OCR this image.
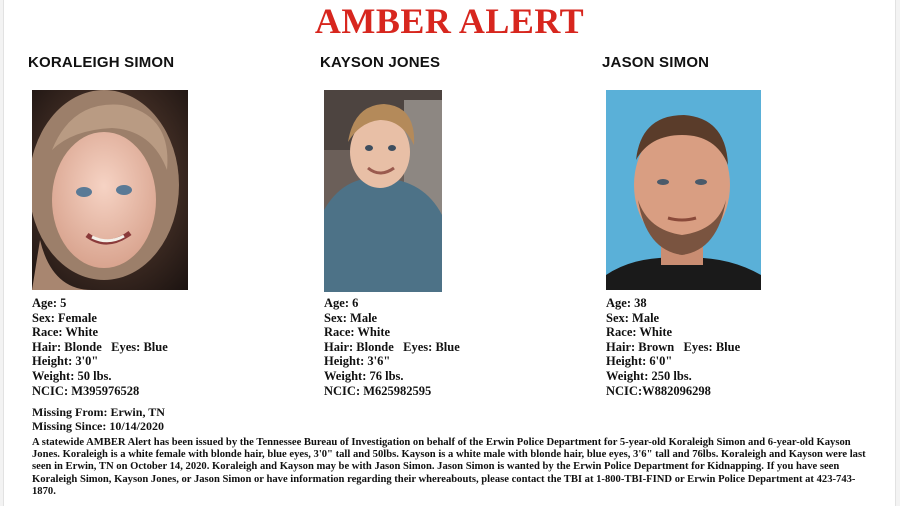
AMBER ALERT
KORALEIGH SIMON
Age: 5
Sex: Female
Race: White
Hair: Blonde   Eyes: Blue
Height: 3'0"
Weight: 50 lbs.
NCIC: M395976528
KAYSON JONES
Age: 6
Sex: Male
Race: White
Hair: Blonde   Eyes: Blue
Height: 3'6"
Weight: 76 lbs.
NCIC: M625982595
JASON SIMON
Age: 38
Sex: Male
Race: White
Hair: Brown   Eyes: Blue
Height: 6'0"
Weight: 250 lbs.
NCIC:W882096298
Missing From: Erwin, TN
Missing Since: 10/14/2020
A statewide AMBER Alert has been issued by the Tennessee Bureau of Investigation on behalf of the Erwin Police Department for 5-year-old Koraleigh Simon and 6-year-old Kayson Jones. Koraleigh is a white female with blonde hair, blue eyes, 3'0" tall and 50lbs. Kayson is a white male with blonde hair, blue eyes, 3'6" tall and 76lbs. Koraleigh and Kayson were last seen in Erwin, TN on October 14, 2020. Koraleigh and Kayson may be with Jason Simon. Jason Simon is wanted by the Erwin Police Department for Kidnapping. If you have seen Koraleigh Simon, Kayson Jones, or Jason Simon or have information regarding their whereabouts, please contact the TBI at 1-800-TBI-FIND or Erwin Police Department at 423-743-1870.
